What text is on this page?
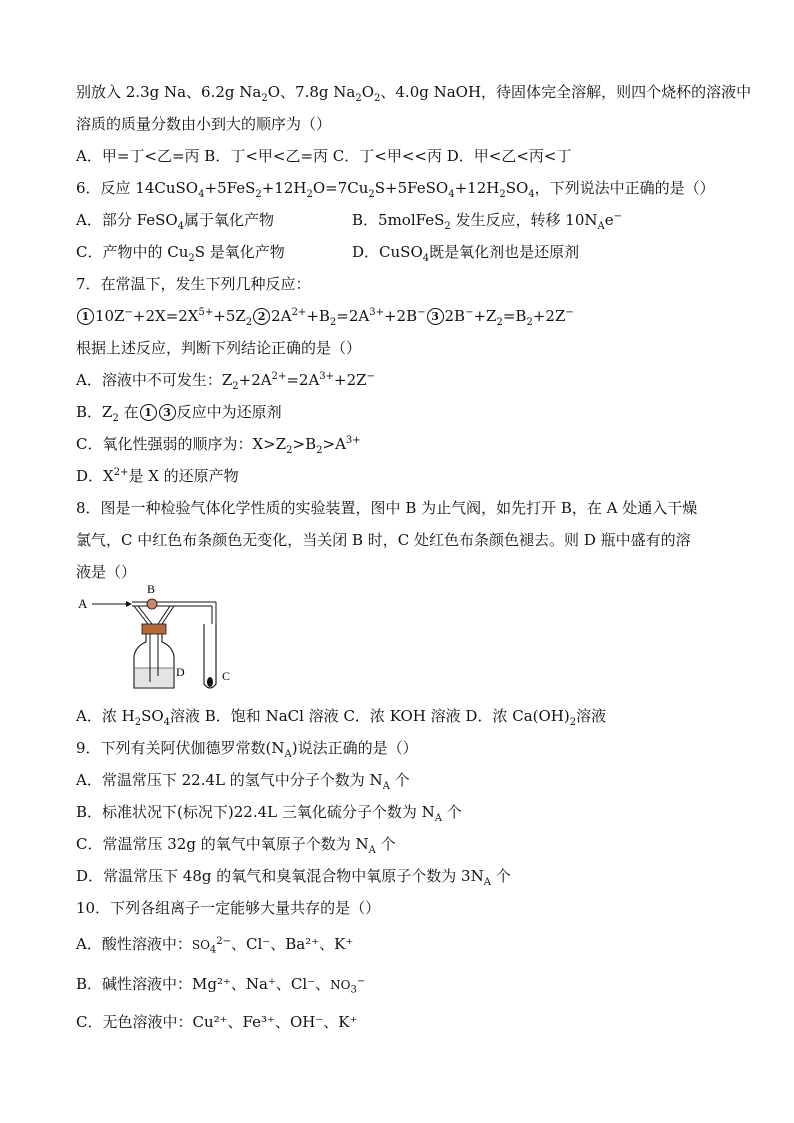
别放入 2.3g Na、6.2g $Na_2O$、7.8g $Na_2O_2$、4.0g NaOH，待固体完全溶解，则四个烧杯的溶液中
溶质的质量分数由小到大的顺序为（）
A．甲=丁<乙=丙 B．丁<甲<乙=丙 C．丁<甲<<丙 D．甲<乙<丙<丁
6．反应 $14CuSO_4+5FeS_2+12H_2O=7Cu_2S+5FeSO_4+12H_2SO_4$，下列说法中正确的是（）
A．部分 FeSO$_4$属于氧化产物	B．5molFeS$_2$ 发生反应，转移 $10N_Ae^-$
C．产物中的 $Cu_2S$ 是氧化产物	D．CuSO$_4$既是氧化剂也是还原剂
7．在常温下，发生下列几种反应：
1 $10Z^-+2X=2X^{5+}+5Z_2$ 2 $2A^{2+}+B_2=2A^{3+}+2B^-$ 3 $2B^-+Z_2=B_2+2Z^-$
根据上述反应，判断下列结论正确的是（）
A．溶液中不可发生：$Z_2+2A^{2+}=2A^{3+}+2Z^-$
B．$Z_2$ 在 1 3 反应中为还原剂
C．氧化性强弱的顺序为：$X>Z_2>B_2>A^{3+}$
D．$X^{2+}$是 X 的还原产物
8．图是一种检验气体化学性质的实验装置，图中 B 为止气阀，如先打开 B，在 A 处通入干燥
氯气，C 中红色布条颜色无变化，当关闭 B 时，C 处红色布条颜色褪去。则 D 瓶中盛有的溶
液是（）
A
B
D	C
A．浓 $H_2SO_4$溶液 B．饱和 NaCl 溶液 C．浓 KOH 溶液 D．浓 $Ca(OH)_2$溶液
9．下列有关阿伏伽德罗常数$(N_A)$说法正确的是（）
A．常温常压下 22.4L 的氢气中分子个数为 $N_A$ 个
B．标准状况下(标况下)22.4L 三氧化硫分子个数为 $N_A$ 个
C．常温常压 32g 的氧气中氧原子个数为 $N_A$ 个
D．常温常压下 48g 的氧气和臭氧混合物中氧原子个数为 $3N_A$ 个
10．下列各组离子一定能够大量共存的是（）
A．酸性溶液中：$SO_4^{2-}$、Cl⁻、Ba²⁺、K⁺
B．碱性溶液中：Mg²⁺、Na⁺、Cl⁻、$NO_3^-$
C．无色溶液中：Cu²⁺、Fe³⁺、OH⁻、K⁺
